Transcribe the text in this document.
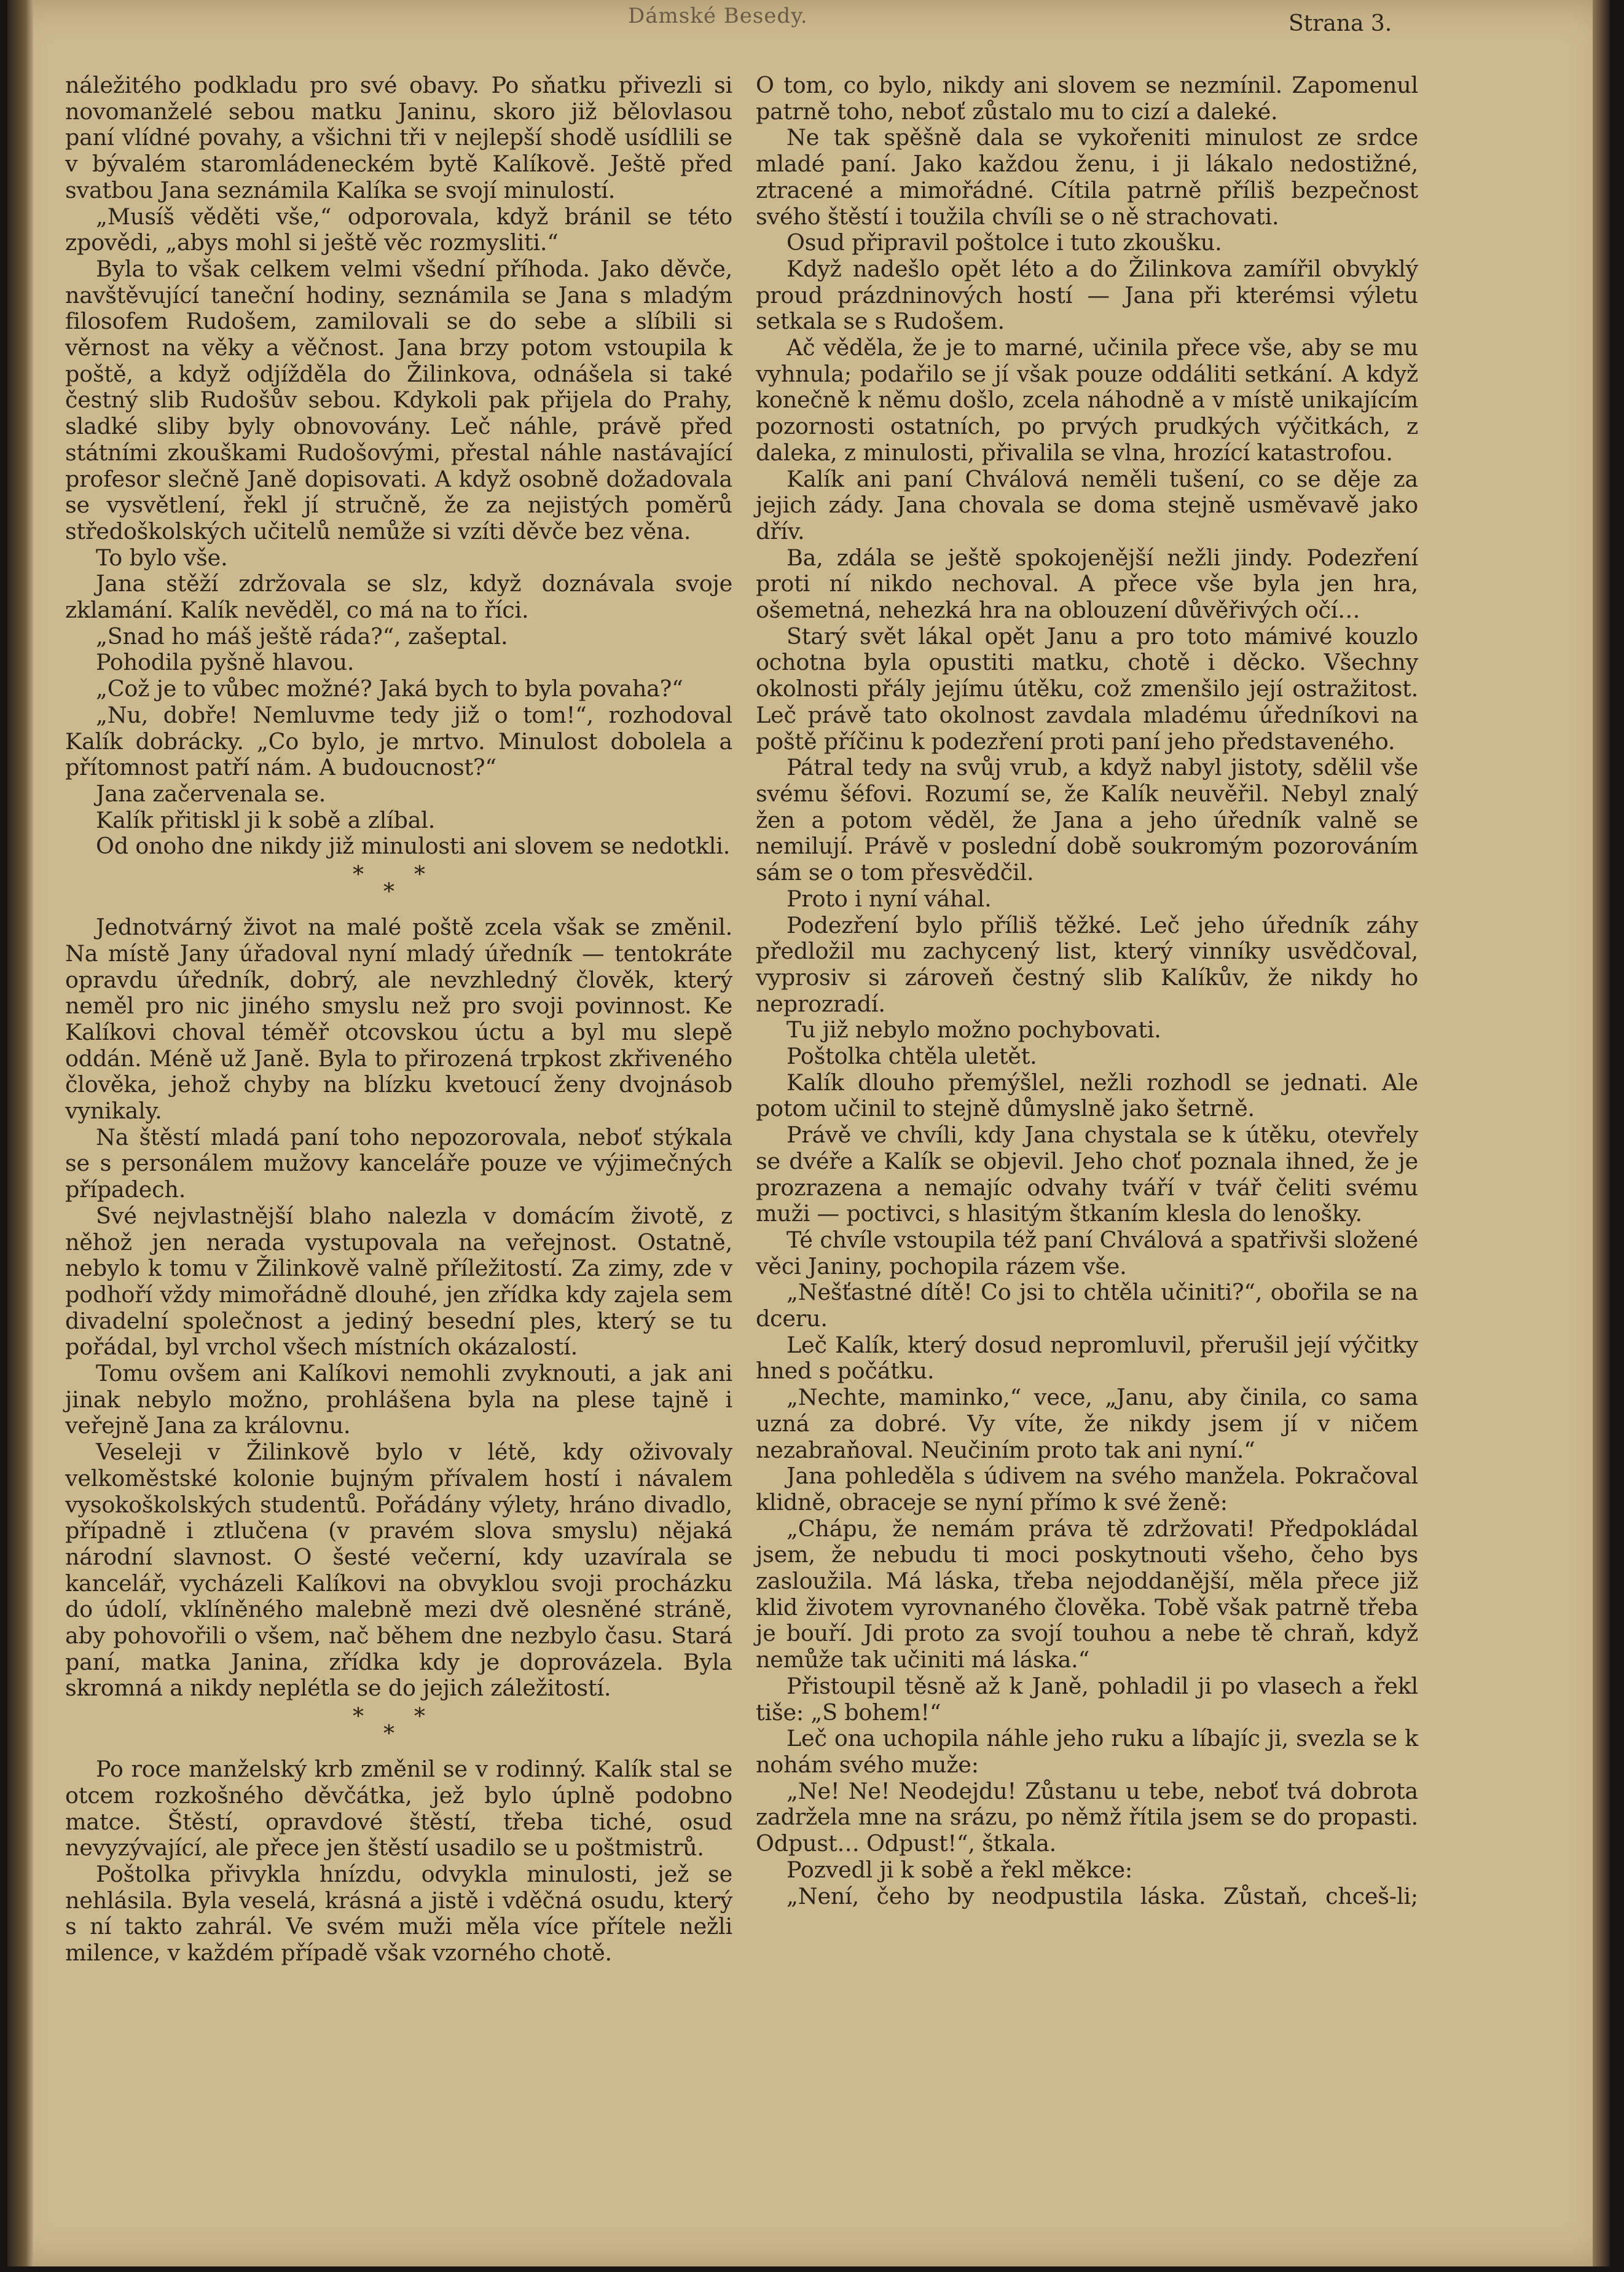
Dámské Besedy.	Strana 3.

náležitého podkladu pro své obavy. Po sňatku přivezli si novomanželé sebou matku Janinu, skoro již bělovlasou paní vlídné povahy, a všichni tři v nejlepší shodě usídlili se v bývalém staromládeneckém bytě Kalíkově. Ještě před svatbou Jana seznámila Kalíka se svojí minulostí.

„Musíš věděti vše,“ odporovala, když bránil se této zpovědi, „abys mohl si ještě věc rozmysliti.“

Byla to však celkem velmi všední příhoda. Jako děvče, navštěvující taneční hodiny, seznámila se Jana s mladým filosofem Rudošem, zamilovali se do sebe a slíbili si věrnost na věky a věčnost. Jana brzy potom vstoupila k poště, a když odjížděla do Žilinkova, odnášela si také čestný slib Rudošův sebou. Kdykoli pak přijela do Prahy, sladké sliby byly obnovovány. Leč náhle, právě před státními zkouškami Rudošovými, přestal náhle nastávající profesor slečně Janě dopisovati. A když osobně dožadovala se vysvětlení, řekl jí stručně, že za nejistých poměrů středoškolských učitelů nemůže si vzíti děvče bez věna.

To bylo vše.

Jana stěží zdržovala se slz, když doznávala svoje zklamání. Kalík nevěděl, co má na to říci.

„Snad ho máš ještě ráda?“, zašeptal.

Pohodila pyšně hlavou.

„Což je to vůbec možné? Jaká bych to byla povaha?“

„Nu, dobře! Nemluvme tedy již o tom!“, rozhodoval Kalík dobrácky. „Co bylo, je mrtvo. Minulost dobolela a přítomnost patří nám. A budoucnost?“

Jana začervenala se.

Kalík přitiskl ji k sobě a zlíbal.

Od onoho dne nikdy již minulosti ani slovem se nedotkli.

***

Jednotvárný život na malé poště zcela však se změnil. Na místě Jany úřadoval nyní mladý úředník — tentokráte opravdu úředník, dobrý, ale nevzhledný člověk, který neměl pro nic jiného smyslu než pro svoji povinnost. Ke Kalíkovi choval téměř otcovskou úctu a byl mu slepě oddán. Méně už Janě. Byla to přirozená trpkost zkřiveného člověka, jehož chyby na blízku kvetoucí ženy dvojnásob vynikaly.

Na štěstí mladá paní toho nepozorovala, neboť stýkala se s personálem mužovy kanceláře pouze ve výjimečných případech.

Své nejvlastnější blaho nalezla v domácím životě, z něhož jen nerada vystupovala na veřejnost. Ostatně, nebylo k tomu v Žilinkově valně příležitostí. Za zimy, zde v podhoří vždy mimořádně dlouhé, jen zřídka kdy zajela sem divadelní společnost a jediný besední ples, který se tu pořádal, byl vrchol všech místních okázalostí.

Tomu ovšem ani Kalíkovi nemohli zvyknouti, a jak ani jinak nebylo možno, prohlášena byla na plese tajně i veřejně Jana za královnu.

Veseleji v Žilinkově bylo v létě, kdy oživovaly velkoměstské kolonie bujným přívalem hostí i návalem vysokoškolských studentů. Pořádány výlety, hráno divadlo, případně i ztlučena (v pravém slova smyslu) nějaká národní slavnost. O šesté večerní, kdy uzavírala se kancelář, vycházeli Kalíkovi na obvyklou svoji procházku do údolí, vklíněného malebně mezi dvě olesněné stráně, aby pohovořili o všem, nač během dne nezbylo času. Stará paní, matka Janina, zřídka kdy je doprovázela. Byla skromná a nikdy neplétla se do jejich záležitostí.

***

Po roce manželský krb změnil se v rodinný. Kalík stal se otcem rozkošného děvčátka, jež bylo úplně podobno matce. Štěstí, opravdové štěstí, třeba tiché, osud nevyzývající, ale přece jen štěstí usadilo se u poštmistrů.

Poštolka přivykla hnízdu, odvykla minulosti, jež se nehlásila. Byla veselá, krásná a jistě i vděčná osudu, který s ní takto zahrál. Ve svém muži měla více přítele nežli milence, v každém případě však vzorného chotě.

O tom, co bylo, nikdy ani slovem se nezmínil. Zapomenul patrně toho, neboť zůstalo mu to cizí a daleké.

Ne tak spěšně dala se vykořeniti minulost ze srdce mladé paní. Jako každou ženu, i ji lákalo nedostižné, ztracené a mimořádné. Cítila patrně příliš bezpečnost svého štěstí i toužila chvíli se o ně strachovati.

Osud připravil poštolce i tuto zkoušku.

Když nadešlo opět léto a do Žilinkova zamířil obvyklý proud prázdninových hostí — Jana při kterémsi výletu setkala se s Rudošem.

Ač věděla, že je to marné, učinila přece vše, aby se mu vyhnula; podařilo se jí však pouze oddáliti setkání. A když konečně k němu došlo, zcela náhodně a v místě unikajícím pozornosti ostatních, po prvých prudkých výčitkách, z daleka, z minulosti, přivalila se vlna, hrozící katastrofou.

Kalík ani paní Chválová neměli tušení, co se děje za jejich zády. Jana chovala se doma stejně usměvavě jako dřív.

Ba, zdála se ještě spokojenější nežli jindy. Podezření proti ní nikdo nechoval. A přece vše byla jen hra, ošemetná, nehezká hra na oblouzení důvěřivých očí…

Starý svět lákal opět Janu a pro toto mámivé kouzlo ochotna byla opustiti matku, chotě i děcko. Všechny okolnosti přály jejímu útěku, což zmenšilo její ostražitost. Leč právě tato okolnost zavdala mladému úředníkovi na poště příčinu k podezření proti paní jeho představeného.

Pátral tedy na svůj vrub, a když nabyl jistoty, sdělil vše svému šéfovi. Rozumí se, že Kalík neuvěřil. Nebyl znalý žen a potom věděl, že Jana a jeho úředník valně se nemilují. Právě v poslední době soukromým pozorováním sám se o tom přesvědčil.

Proto i nyní váhal.

Podezření bylo příliš těžké. Leč jeho úředník záhy předložil mu zachycený list, který vinníky usvědčoval, vyprosiv si zároveň čestný slib Kalíkův, že nikdy ho neprozradí.

Tu již nebylo možno pochybovati.

Poštolka chtěla uletět.

Kalík dlouho přemýšlel, nežli rozhodl se jednati. Ale potom učinil to stejně důmyslně jako šetrně.

Právě ve chvíli, kdy Jana chystala se k útěku, otevřely se dvéře a Kalík se objevil. Jeho choť poznala ihned, že je prozrazena a nemajíc odvahy tváří v tvář čeliti svému muži — poctivci, s hlasitým štkaním klesla do lenošky.

Té chvíle vstoupila též paní Chválová a spatřivši složené věci Janiny, pochopila rázem vše.

„Nešťastné dítě! Co jsi to chtěla učiniti?“, obořila se na dceru.

Leč Kalík, který dosud nepromluvil, přerušil její výčitky hned s počátku.

„Nechte, maminko,“ vece, „Janu, aby činila, co sama uzná za dobré. Vy víte, že nikdy jsem jí v ničem nezabraňoval. Neučiním proto tak ani nyní.“

Jana pohleděla s údivem na svého manžela. Pokračoval klidně, obraceje se nyní přímo k své ženě:

„Chápu, že nemám práva tě zdržovati! Předpokládal jsem, že nebudu ti moci poskytnouti všeho, čeho bys zasloužila. Má láska, třeba nejoddanější, měla přece již klid životem vyrovnaného člověka. Tobě však patrně třeba je bouří. Jdi proto za svojí touhou a nebe tě chraň, když nemůže tak učiniti má láska.“

Přistoupil těsně až k Janě, pohladil ji po vlasech a řekl tiše: „S bohem!“

Leč ona uchopila náhle jeho ruku a líbajíc ji, svezla se k nohám svého muže:

„Ne! Ne! Neodejdu! Zůstanu u tebe, neboť tvá dobrota zadržela mne na srázu, po němž řítila jsem se do propasti. Odpust… Odpust!“, štkala.

Pozvedl ji k sobě a řekl měkce:

„Není, čeho by neodpustila láska. Zůstaň, chceš-li;
